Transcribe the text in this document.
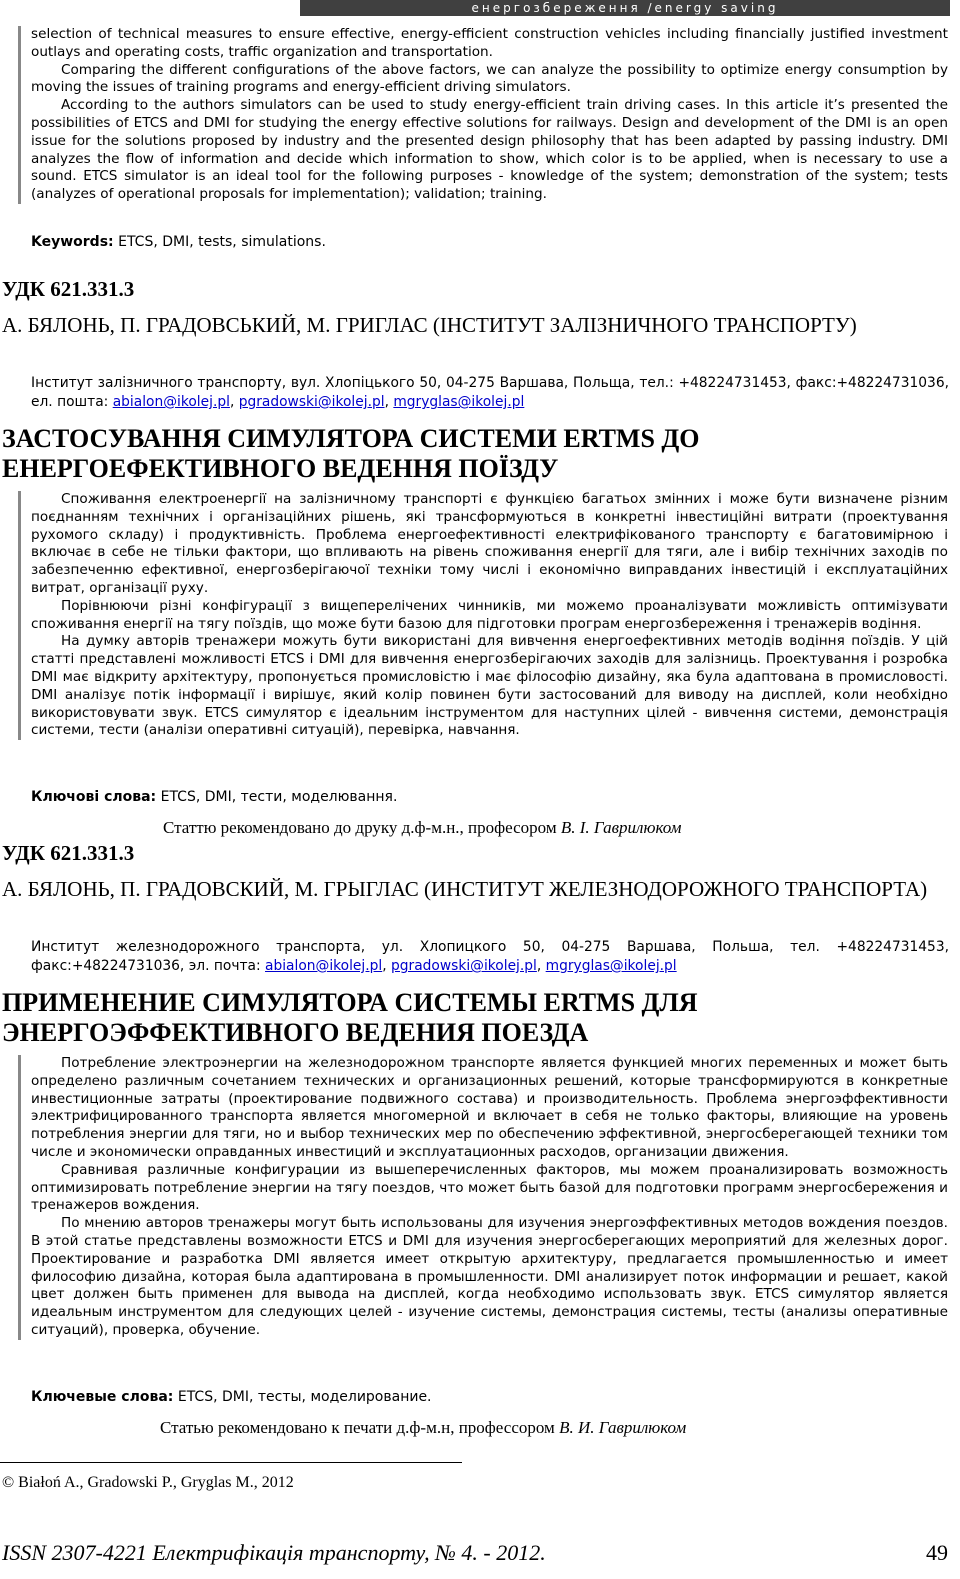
енергозбереження /energy saving

selection of technical measures to ensure effective, energy-efficient construction vehicles including financially justified investment outlays and operating costs, traffic organization and transportation.

Comparing the different configurations of the above factors, we can analyze the possibility to optimize energy consumption by moving the issues of training programs and energy-efficient driving simulators.

According to the authors simulators can be used to study energy-efficient train driving cases. In this article it’s presented the possibilities of ETCS and DMI for studying the energy effective solutions for railways. Design and development of the DMI is an open issue for the solutions proposed by industry and the presented design philosophy that has been adapted by passing industry. DMI analyzes the flow of information and decide which information to show, which color is to be applied, when is necessary to use a sound. ETCS simulator is an ideal tool for the following purposes - knowledge of the system; demonstration of the system; tests (analyzes of operational proposals for implementation); validation; training.

Keywords: ETCS, DMI, tests, simulations.
УДК 621.331.3
А. БЯЛОНЬ, П. ГРАДОВСЬКИЙ, М. ГРИГЛАС (ІНСТИТУТ ЗАЛІЗНИЧНОГО ТРАНСПОРТУ)
Інститут залізничного транспорту, вул. Хлопіцького 50, 04-275 Варшава, Польща, тел.: +48224731453, факс:+48224731036, ел. пошта: abialon@ikolej.pl, pgradowski@ikolej.pl, mgryglas@ikolej.pl
ЗАСТОСУВАННЯ СИМУЛЯТОРА СИСТЕМИ ERTMS ДО ЕНЕРГОЕФЕКТИВНОГО ВЕДЕННЯ ПОЇЗДУ

Споживання електроенергії на залізничному транспорті є функцією багатьох змінних і може бути визначене різним поєднанням технічних і організаційних рішень, які трансформуються в конкретні інвестиційні витрати (проектування рухомого складу) і продуктивність. Проблема енергоефективності електрифікованого транспорту є багатовимірною і включає в себе не тільки фактори, що впливають на рівень споживання енергії для тяги, але і вибір технічних заходів по забезпеченню ефективної, енергозберігаючої техніки тому числі і економічно виправданих інвестицій і експлуатаційних витрат, організації руху.

Порівнюючи різні конфігурації з вищеперелічених чинників, ми можемо проаналізувати можливість оптимізувати споживання енергії на тягу поїздів, що може бути базою для підготовки програм енергозбереження і тренажерів водіння.

На думку авторів тренажери можуть бути використані для вивчення енергоефективних методів водіння поїздів. У цій статті представлені можливості ETCS і DMI для вивчення енергозберігаючих заходів для залізниць. Проектування і розробка DMI має відкриту архітектуру, пропонується промисловістю і має філософію дизайну, яка була адаптована в промисловості. DMI аналізує потік інформації і вирішує, який колір повинен бути застосований для виводу на дисплей, коли необхідно використовувати звук. ETCS симулятор є ідеальним інструментом для наступних цілей - вивчення системи, демонстрація системи, тести (аналізи оперативні ситуацій), перевірка, навчання.

Ключові слова: ETCS, DMI, тести, моделювання.
Статтю рекомендовано до друку д.ф-м.н., професором В. І. Гаврилюком
УДК 621.331.3
А. БЯЛОНЬ, П. ГРАДОВСКИЙ, М. ГРЫГЛАС (ИНСТИТУТ ЖЕЛЕЗНОДОРОЖНОГО ТРАНСПОРТА)
Институт железнодорожного транспорта, ул. Хлопицкого 50, 04-275 Варшава, Польша, тел. +48224731453, факс:+48224731036, эл. почта: abialon@ikolej.pl, pgradowski@ikolej.pl, mgryglas@ikolej.pl
ПРИМЕНЕНИЕ СИМУЛЯТОРА СИСТЕМЫ ERTMS ДЛЯ ЭНЕРГОЭФФЕКТИВНОГО ВЕДЕНИЯ ПОЕЗДА

Потребление электроэнергии на железнодорожном транспорте является функцией многих переменных и может быть определено различным сочетанием технических и организационных решений, которые трансформируются в конкретные инвестиционные затраты (проектирование подвижного состава) и производительность. Проблема энергоэффективности электрифицированного транспорта является многомерной и включает в себя не только факторы, влияющие на уровень потребления энергии для тяги, но и выбор технических мер по обеспечению эффективной, энергосберегающей техники том числе и экономически оправданных инвестиций и эксплуатационных расходов, организации движения.

Сравнивая различные конфигурации из вышеперечисленных факторов, мы можем проанализировать возможность оптимизировать потребление энергии на тягу поездов, что может быть базой для подготовки программ энергосбережения и тренажеров вождения.

По мнению авторов тренажеры могут быть использованы для изучения энергоэффективных методов вождения поездов. В этой статье представлены возможности ETCS и DMI для изучения энергосберегающих мероприятий для железных дорог. Проектирование и разработка DMI является имеет открытую архитектуру, предлагается промышленностью и имеет философию дизайна, которая была адаптирована в промышленности. DMI анализирует поток информации и решает, какой цвет должен быть применен для вывода на дисплей, когда необходимо использовать звук. ETCS симулятор является идеальным инструментом для следующих целей - изучение системы, демонстрация системы, тесты (анализы оперативные ситуаций), проверка, обучение.

Ключевые слова: ETCS, DMI, тесты, моделирование.
Статью рекомендовано к печати д.ф-м.н, профессором В. И. Гаврилюком
© Białoń A., Gradowski P., Gryglas M., 2012
ISSN 2307-4221 Електрифікація транспорту, № 4. - 2012.	49
